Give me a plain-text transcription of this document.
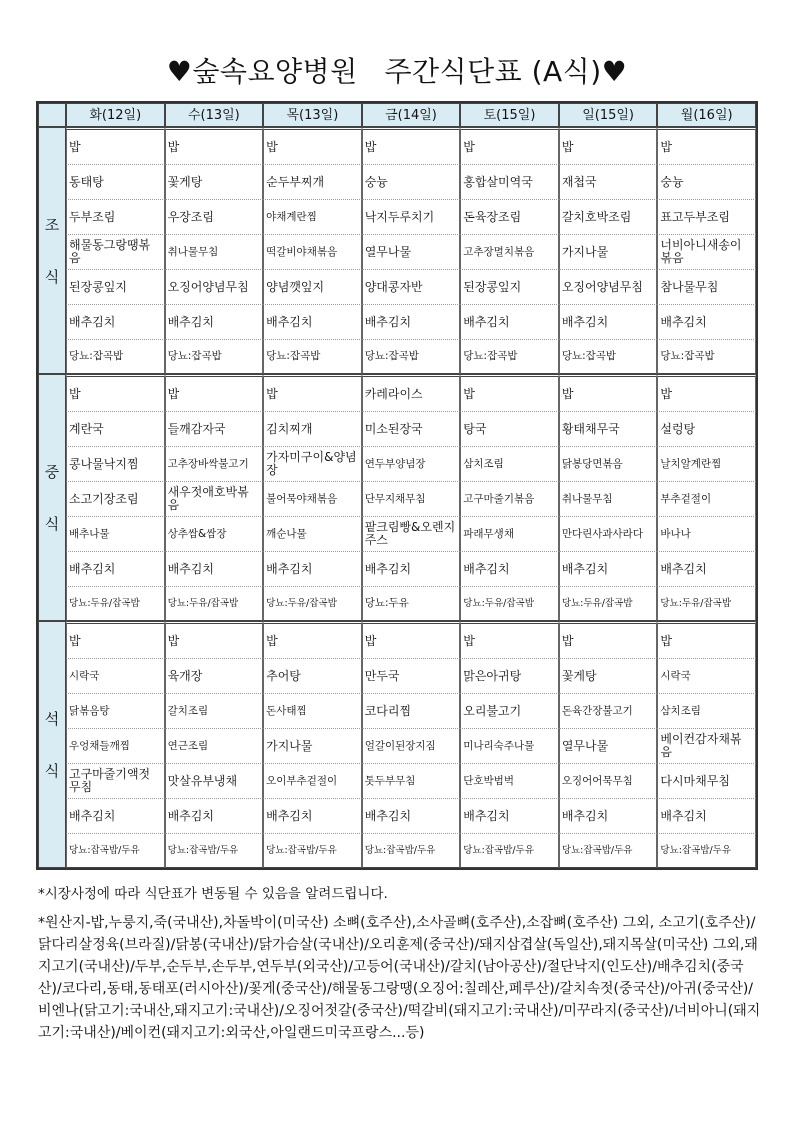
♥숲속요양병원 주간식단표 (A식)♥
	화(12일)	수(13일)	목(13일)	금(14일)	토(15일)	일(15일)	월(16일)
조

식	밥	밥	밥	밥	밥	밥	밥
	동태탕	꽃게탕	순두부찌개	숭늉	홍합살미역국	재첩국	숭늉
	두부조림	우장조림	야채계란찜	낙지두루치기	돈육장조림	갈치호박조림	표고두부조림
	해물동그랑땡볶음	취나물무침	떡갈비야채볶음	열무나물	고추장멸치볶음	가지나물	너비아니새송이볶음
	된장콩잎지	오징어양념무침	양념깻잎지	양대콩자반	된장콩잎지	오징어양념무침	참나물무침
	배추김치	배추김치	배추김치	배추김치	배추김치	배추김치	배추김치
	당뇨:잡곡밥	당뇨:잡곡밥	당뇨:잡곡밥	당뇨:잡곡밥	당뇨:잡곡밥	당뇨:잡곡밥	당뇨:잡곡밥
중

식	밥	밥	밥	카레라이스	밥	밥	밥
	계란국	들깨감자국	김치찌개	미소된장국	탕국	황태채무국	설렁탕
	콩나물낙지찜	고추장바싹불고기	가자미구이&양념장	연두부양념장	삼치조림	닭봉당면볶음	날치알계란찜
	소고기장조림	새우젓애호박볶음	불어묵야채볶음	단무지채무침	고구마줄기볶음	취나물무침	부추겉절이
	배추나물	상추쌈&쌈장	깨순나물	팥크림빵&오렌지주스	파래무생채	만다린사과사라다	바나나
	배추김치	배추김치	배추김치	배추김치	배추김치	배추김치	배추김치
	당뇨:두유/잡곡밥	당뇨:두유/잡곡밥	당뇨:두유/잡곡밥	당뇨:두유	당뇨:두유/잡곡밥	당뇨:두유/잡곡밥	당뇨:두유/잡곡밥
석

식	밥	밥	밥	밥	밥	밥	밥
	시락국	육개장	추어탕	만두국	맑은아귀탕	꽃게탕	시락국
	닭볶음탕	갈치조림	돈사태찜	코다리찜	오리불고기	돈육간장불고기	삼치조림
	우엉채들깨찜	연근조림	가지나물	얼갈이된장지짐	미나리숙주나물	열무나물	베이컨감자채볶음
	고구마줄기액젓무침	맛살유부냉채	오이부추겉절이	톳두부무침	단호박범벅	오징어어묵무침	다시마채무침
	배추김치	배추김치	배추김치	배추김치	배추김치	배추김치	배추김치
	당뇨:잡곡밥/두유	당뇨:잡곡밥/두유	당뇨:잡곡밥/두유	당뇨:잡곡밥/두유	당뇨:잡곡밥/두유	당뇨:잡곡밥/두유	당뇨:잡곡밥/두유
*시장사정에 따라 식단표가 변동될 수 있음을 알려드립니다.
*원산지-밥,누룽지,죽(국내산),차돌박이(미국산) 소뼈(호주산),소사골뼈(호주산),소잡뼈(호주산) 그외, 소고기(호주산)/닭다리살정육(브라질)/닭봉(국내산)/닭가슴살(국내산)/오리훈제(중국산)/돼지삼겹살(독일산),돼지목살(미국산) 그외,돼지고기(국내산)/두부,순두부,손두부,연두부(외국산)/고등어(국내산)/갈치(남아공산)/절단낙지(인도산)/배추김치(중국산)/코다리,동태,동태포(러시아산)/꽃게(중국산)/해물동그랑땡(오징어:칠레산,페루산)/갈치속젓(중국산)/아귀(중국산)/비엔나(닭고기:국내산,돼지고기:국내산)/오징어젓갈(중국산)/떡갈비(돼지고기:국내산)/미꾸라지(중국산)/너비아니(돼지고기:국내산)/베이컨(돼지고기:외국산,아일랜드미국프랑스...등)
